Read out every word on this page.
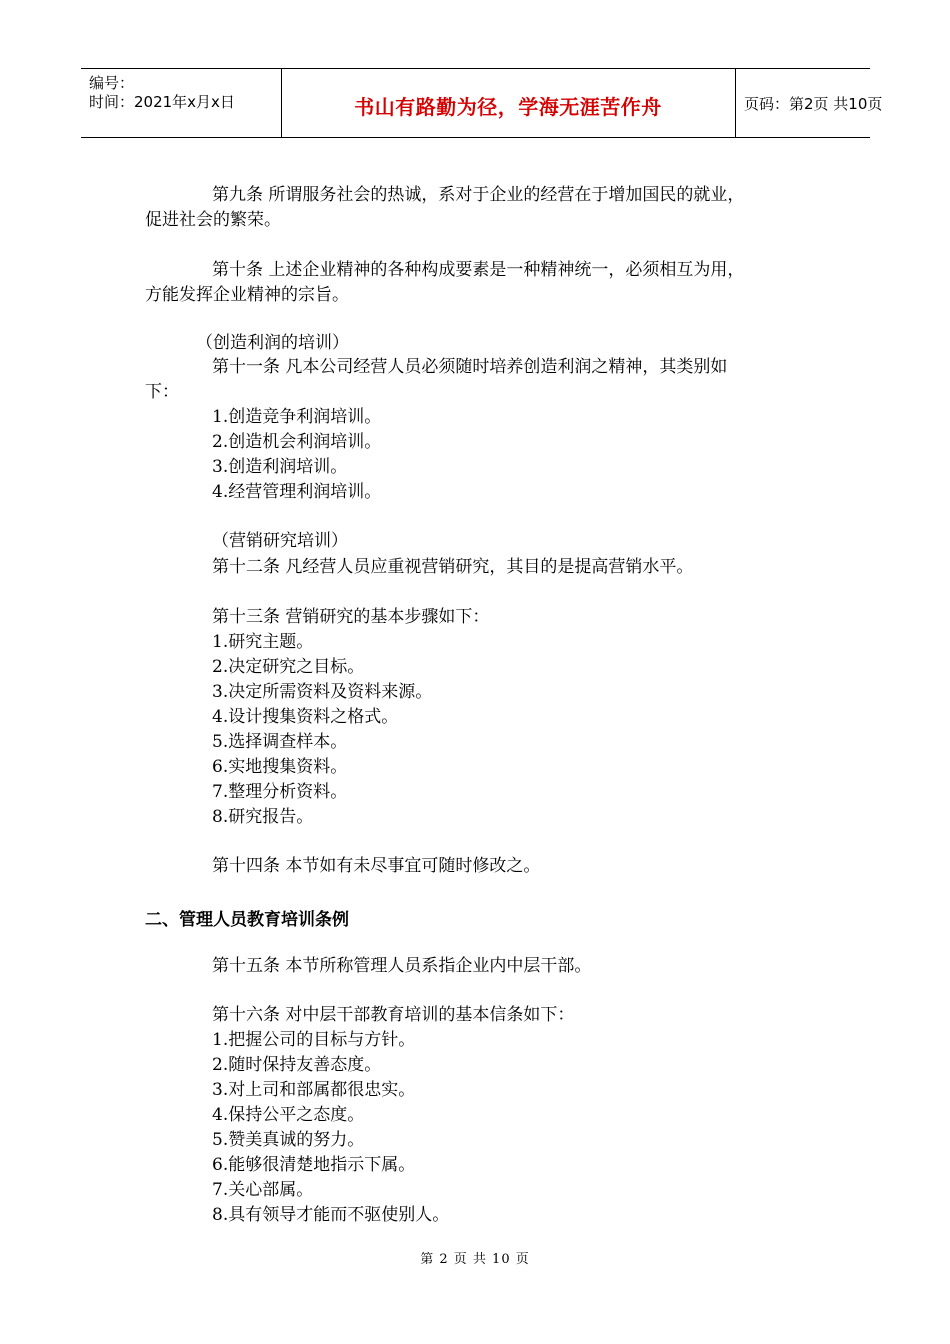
编号：
时间：2021年x月x日	书山有路勤为径，学海无涯苦作舟	页码：第2页 共10页
第九条 所谓服务社会的热诚，系对于企业的经营在于增加国民的就业，
促进社会的繁荣。
第十条 上述企业精神的各种构成要素是一种精神统一，必须相互为用，
方能发挥企业精神的宗旨。
（创造利润的培训）
第十一条 凡本公司经营人员必须随时培养创造利润之精神，其类别如
下：
1.创造竞争利润培训。
2.创造机会利润培训。
3.创造利润培训。
4.经营管理利润培训。
（营销研究培训）
第十二条 凡经营人员应重视营销研究，其目的是提高营销水平。
第十三条 营销研究的基本步骤如下：
1.研究主题。
2.决定研究之目标。
3.决定所需资料及资料来源。
4.设计搜集资料之格式。
5.选择调查样本。
6.实地搜集资料。
7.整理分析资料。
8.研究报告。
第十四条 本节如有未尽事宜可随时修改之。
二、管理人员教育培训条例
第十五条 本节所称管理人员系指企业内中层干部。
第十六条 对中层干部教育培训的基本信条如下：
1.把握公司的目标与方针。
2.随时保持友善态度。
3.对上司和部属都很忠实。
4.保持公平之态度。
5.赞美真诚的努力。
6.能够很清楚地指示下属。
7.关心部属。
8.具有领导才能而不驱使别人。
第 2 页 共 10 页
